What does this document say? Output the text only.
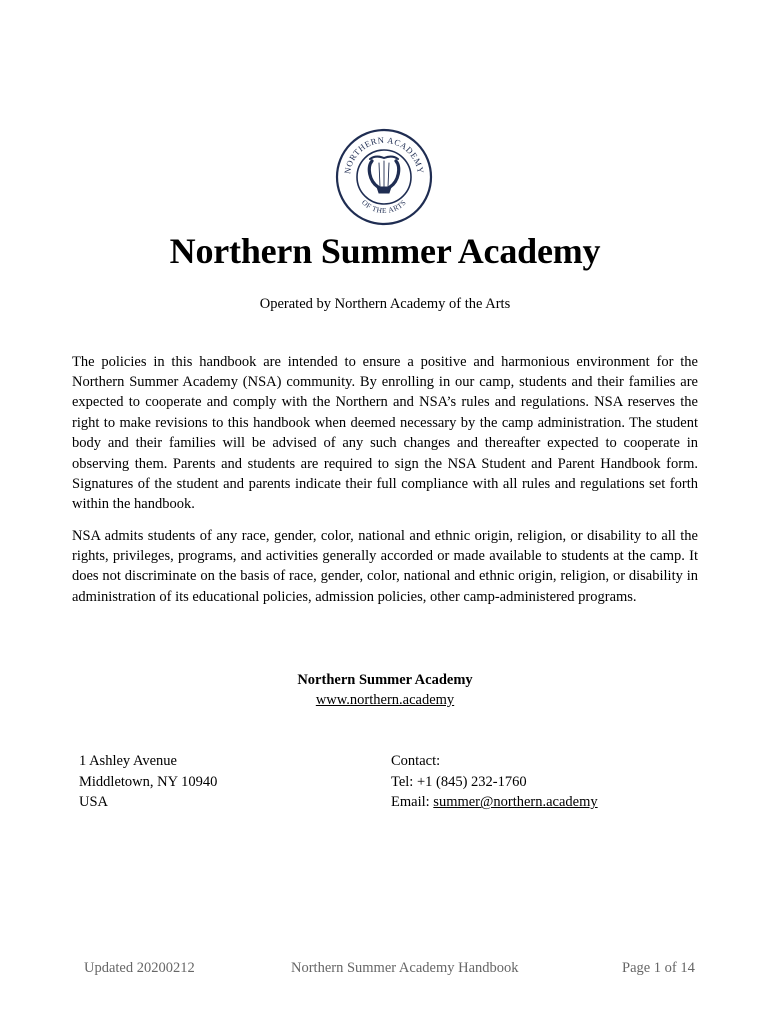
NORTHERN ACADEMY
OF THE ARTS
Northern Summer Academy
Operated by Northern Academy of the Arts

The policies in this handbook are intended to ensure a positive and harmonious environment for the Northern Summer Academy (NSA) community. By enrolling in our camp, students and their families are expected to cooperate and comply with the Northern and NSA’s rules and regulations. NSA reserves the right to make revisions to this handbook when deemed necessary by the camp administration. The student body and their families will be advised of any such changes and thereafter expected to cooperate in observing them. Parents and students are required to sign the NSA Student and Parent Handbook form. Signatures of the student and parents indicate their full compliance with all rules and regulations set forth within the handbook.

NSA admits students of any race, gender, color, national and ethnic origin, religion, or disability to all the rights, privileges, programs, and activities generally accorded or made available to students at the camp. It does not discriminate on the basis of race, gender, color, national and ethnic origin, religion, or disability in administration of its educational policies, admission policies, other camp-administered programs.

Northern Summer Academy
www.northern.academy
1 Ashley Avenue
Middletown, NY 10940
USA
Contact:
Tel: +1 (845) 232-1760
Email: summer@northern.academy
Updated 20200212	Northern Summer Academy Handbook	Page 1 of 14
